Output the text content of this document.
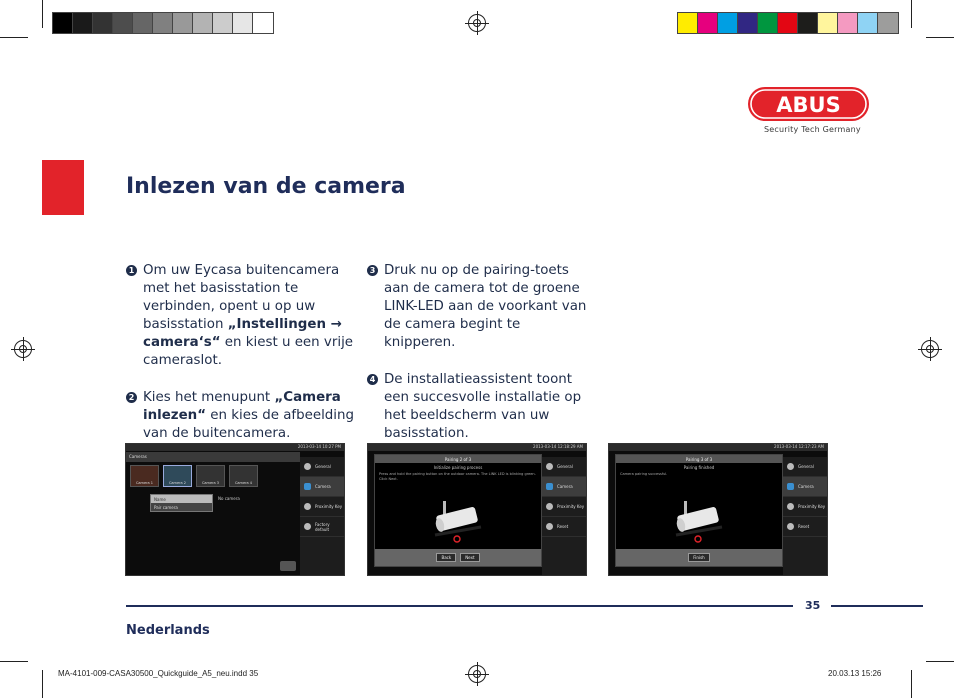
ABUS
Security Tech Germany
Inlezen van de camera
1 Om uw Eycasa buitencamera met het basisstation te verbinden, opent u op uw basisstation „Instellingen → camera‘s“ en kiest u een vrije cameraslot.
2 Kies het menupunt „Camera inlezen“ en kies de afbeelding van de buitencamera.
3 Druk nu op de pairing-toets aan de camera tot de groene LINK-LED aan de voorkant van de camera begint te knipperen.
4 De installatieassistent toont een succesvolle installatie op het beeldscherm van uw basisstation.
2013-03-14 10:27 PM
Cameras
Camera 1	Camera 2	Camera 3	Camera 4
Name
Pair camera
No camera
General
Camera
Proximity Key
Factory default
2013-03-14 12:18:29 AM
Pairing 2 of 3
Initialize pairing process
Press and hold the pairing button on the outdoor camera. The LINK LED is blinking green. Click Next.
Back	Next
General
Camera
Proximity Key
Reset
2013-03-14 12:17:23 AM
Pairing 3 of 3
Pairing finished
Camera pairing successful.
Finish
General
Camera
Proximity Key
Reset
35
Nederlands
MA-4101-009-CASA30500_Quickguide_A5_neu.indd 35	20.03.13 15:26
